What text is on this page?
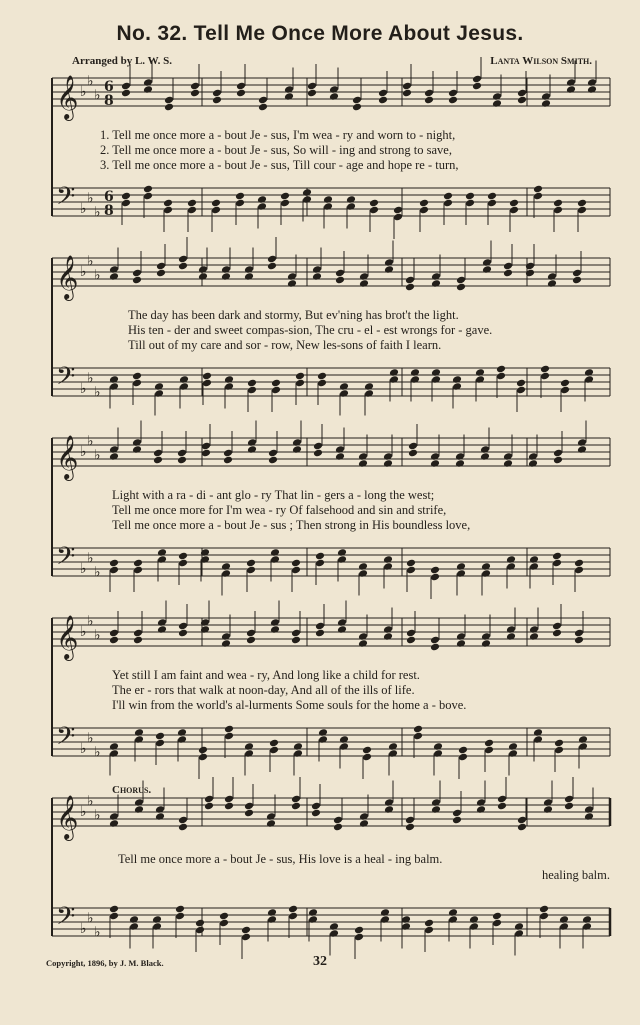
No. 32. Tell Me Once More About Jesus.
Arranged by L. W. S.	Lanta Wilson Smith.
𝄞 ♭
♭
♭
𝄢 ♭
♭
♭
6
8
6
8
𝄞 ♭
♭
♭
𝄢 ♭
♭
♭
𝄞 ♭
♭
♭
𝄢 ♭
♭
♭
𝄞 ♭
♭
♭
𝄢 ♭
♭
♭
𝄞 ♭
♭
♭
𝄢 ♭
♭
♭
1. Tell me once more a - bout Je - sus, I'm wea - ry and worn to - night,
2. Tell me once more a - bout Je - sus, So will - ing and strong to save,
3. Tell me once more a - bout Je - sus, Till cour - age and hope re - turn,
The day has been dark and stormy, But ev'ning has brot't the light.
His ten - der and sweet compas-sion, The cru - el - est wrongs for - gave.
Till out of my care and sor - row, New les-sons of faith I learn.
Light with a ra - di - ant glo - ry That lin - gers a - long the west;
Tell me once more for I'm wea - ry Of falsehood and sin and strife,
Tell me once more a - bout Je - sus ; Then strong in His boundless love,
Yet still I am faint and wea - ry, And long like a child for rest.
The er - rors that walk at noon-day, And all of the ills of life.
I'll win from the world's al-lurments Some souls for the home a - bove.
Chorus.
Tell me once more a - bout Je - sus, His love is a heal - ing balm.
healing balm.
Copyright, 1896, by J. M. Black.	32
